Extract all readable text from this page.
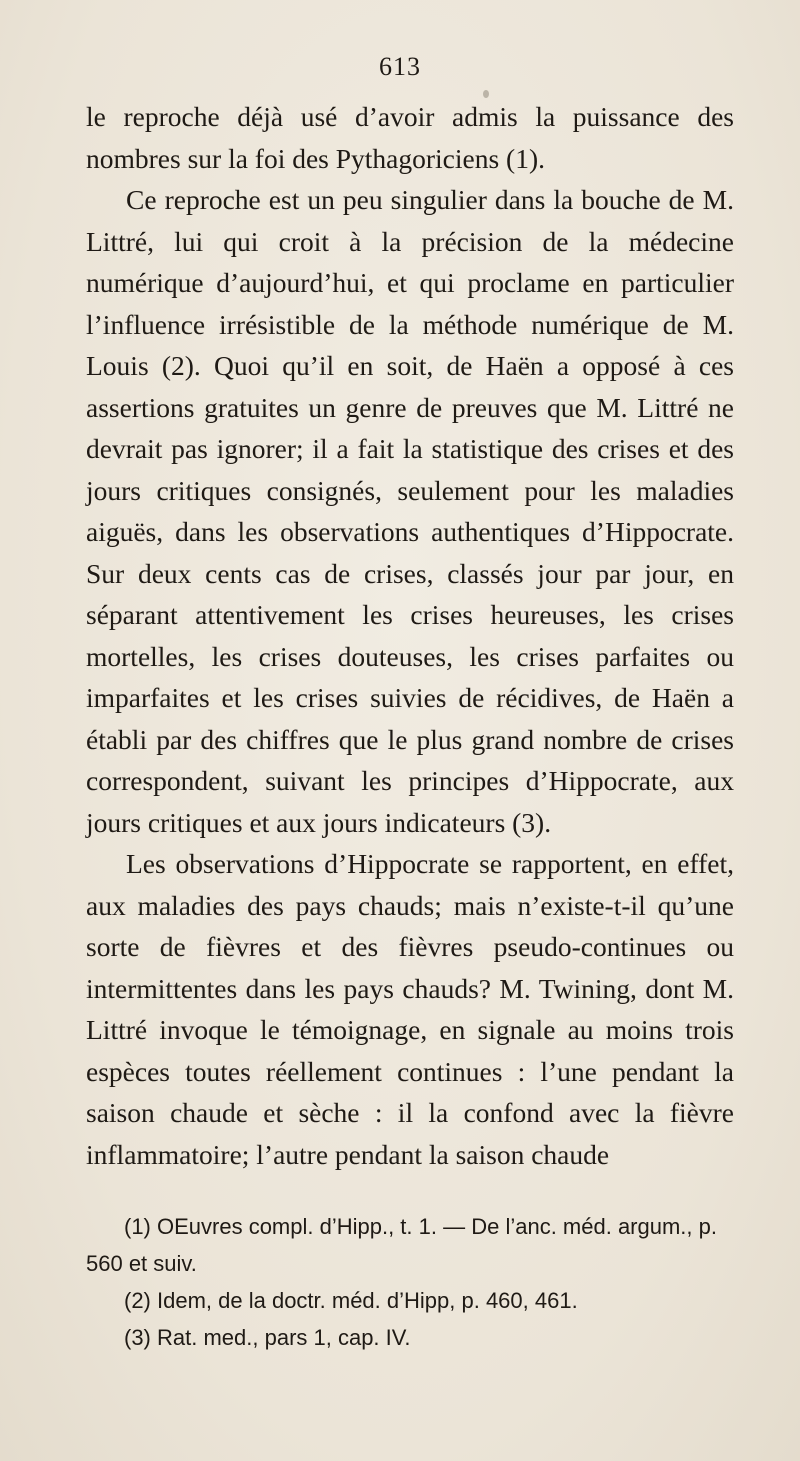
613

le reproche déjà usé d’avoir admis la puissance des nombres sur la foi des Pythagoriciens (1).

Ce reproche est un peu singulier dans la bouche de M. Littré, lui qui croit à la précision de la médecine numérique d’aujourd’hui, et qui proclame en particulier l’influence irrésistible de la méthode numérique de M. Louis (2). Quoi qu’il en soit, de Haën a opposé à ces assertions gratuites un genre de preuves que M. Littré ne devrait pas ignorer; il a fait la statistique des crises et des jours critiques consignés, seulement pour les maladies aiguës, dans les observations authentiques d’Hippocrate. Sur deux cents cas de crises, classés jour par jour, en séparant attentivement les crises heureuses, les crises mortelles, les crises douteuses, les crises parfaites ou imparfaites et les crises suivies de récidives, de Haën a établi par des chiffres que le plus grand nombre de crises correspondent, suivant les principes d’Hippocrate, aux jours critiques et aux jours indicateurs (3).

Les observations d’Hippocrate se rapportent, en effet, aux maladies des pays chauds; mais n’existe-t-il qu’une sorte de fièvres et des fièvres pseudo-continues ou intermittentes dans les pays chauds? M. Twining, dont M. Littré invoque le témoignage, en signale au moins trois espèces toutes réellement continues : l’une pendant la saison chaude et sèche : il la confond avec la fièvre inflammatoire; l’autre pendant la saison chaude

(1) OEuvres compl. d’Hipp., t. 1. — De l’anc. méd. argum., p. 560 et suiv.

(2) Idem, de la doctr. méd. d’Hipp, p. 460, 461.

(3) Rat. med., pars 1, cap. IV.
